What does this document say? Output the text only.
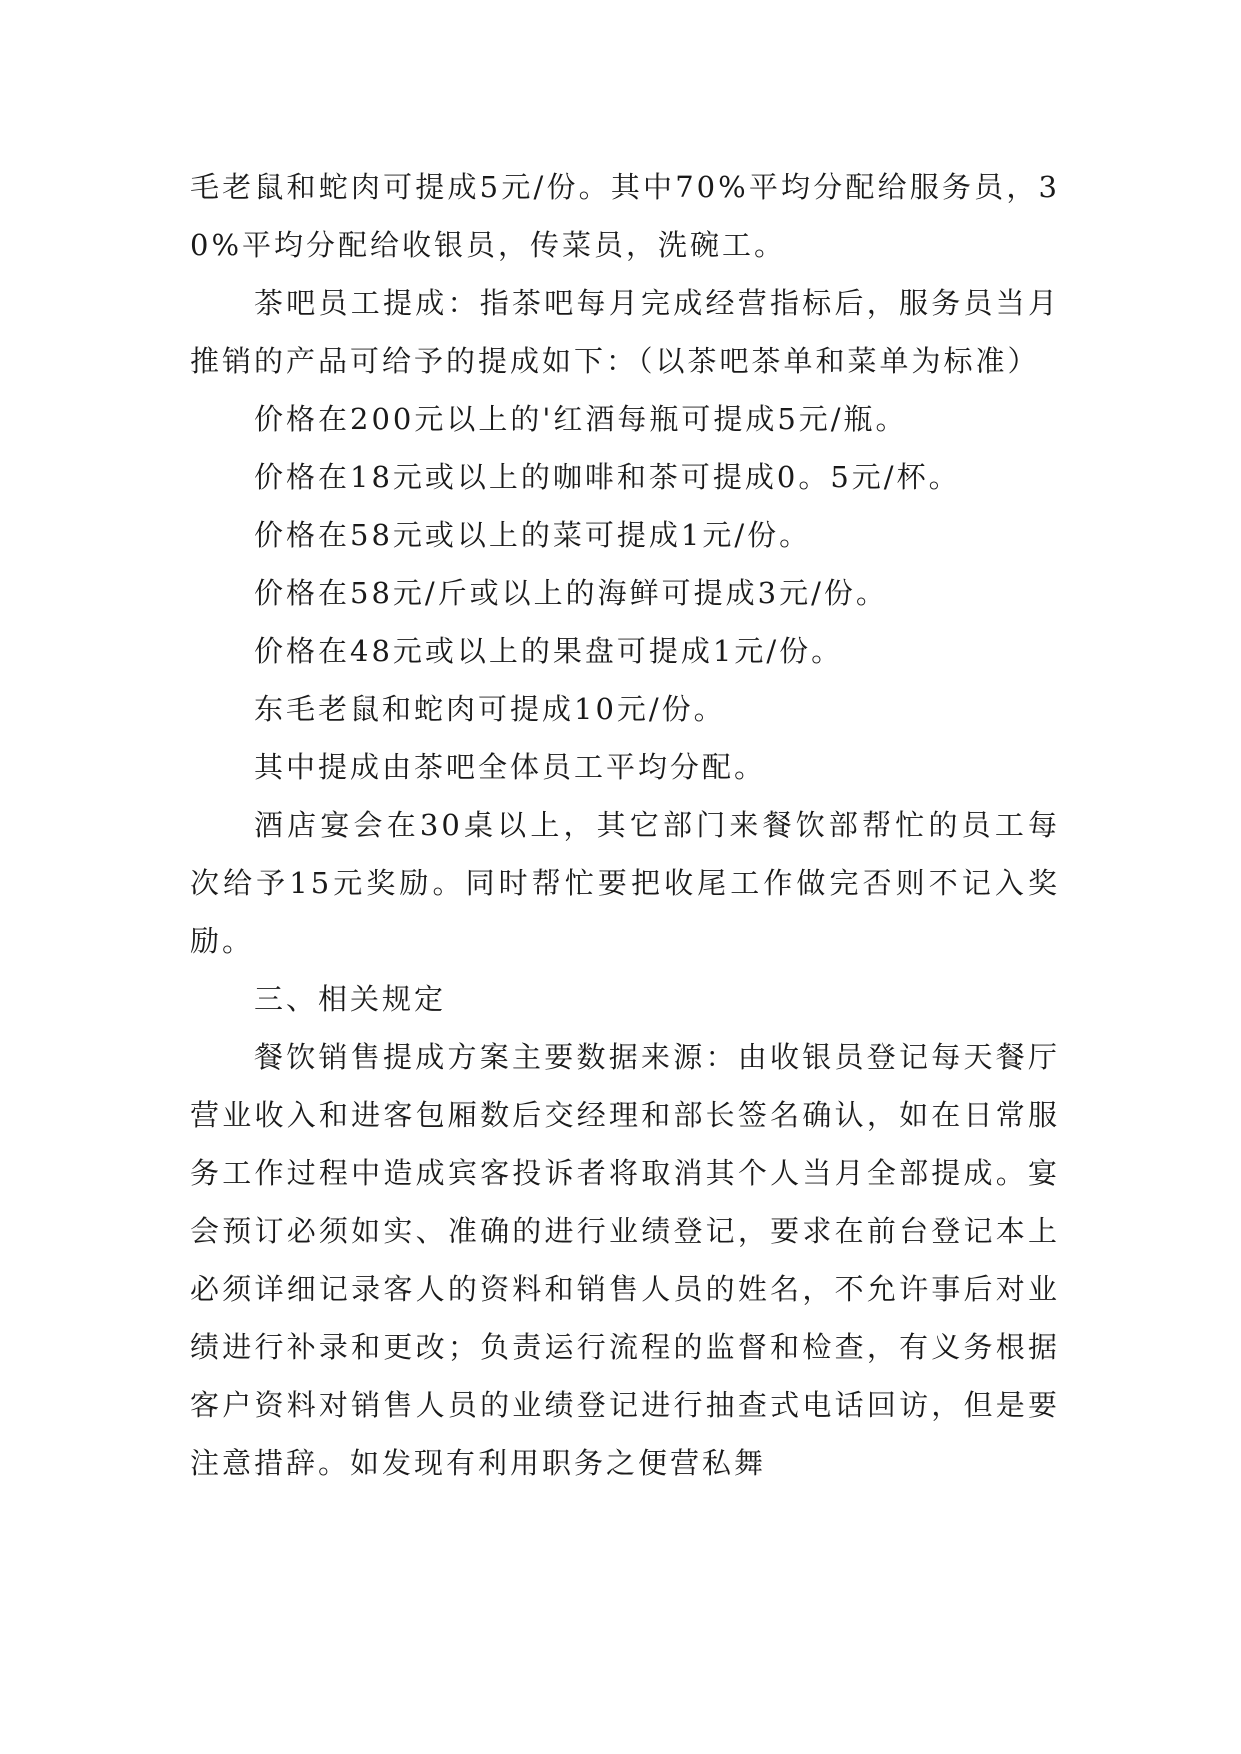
毛老鼠和蛇肉可提成5元/份。其中70%平均分配给服务员，30%平均分配给收银员，传菜员，洗碗工。

茶吧员工提成：指茶吧每月完成经营指标后，服务员当月推销的产品可给予的提成如下：（以茶吧茶单和菜单为标准）

价格在200元以上的'红酒每瓶可提成5元/瓶。

价格在18元或以上的咖啡和茶可提成0。5元/杯。

价格在58元或以上的菜可提成1元/份。

价格在58元/斤或以上的海鲜可提成3元/份。

价格在48元或以上的果盘可提成1元/份。

东毛老鼠和蛇肉可提成10元/份。

其中提成由茶吧全体员工平均分配。

酒店宴会在30桌以上，其它部门来餐饮部帮忙的员工每次给予15元奖励。同时帮忙要把收尾工作做完否则不记入奖励。

三、相关规定

餐饮销售提成方案主要数据来源：由收银员登记每天餐厅营业收入和进客包厢数后交经理和部长签名确认，如在日常服务工作过程中造成宾客投诉者将取消其个人当月全部提成。宴会预订必须如实、准确的进行业绩登记，要求在前台登记本上必须详细记录客人的资料和销售人员的姓名，不允许事后对业绩进行补录和更改；负责运行流程的监督和检查，有义务根据客户资料对销售人员的业绩登记进行抽查式电话回访，但是要注意措辞。如发现有利用职务之便营私舞
